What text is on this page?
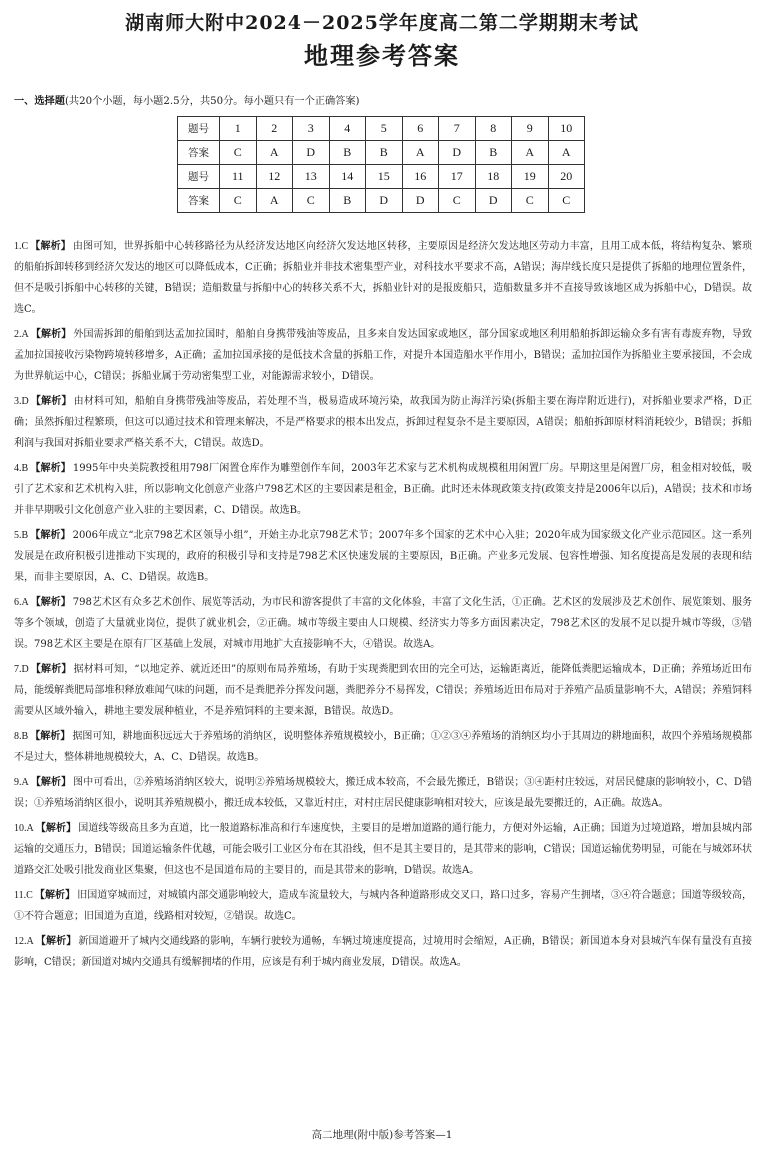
湖南师大附中2024－2025学年度高二第二学期期末考试
地理参考答案
一、选择题(共20个小题，每小题2.5分，共50分。每小题只有一个正确答案)
题号	1	2	3	4	5	6	7	8	9	10
答案	C	A	D	B	B	A	D	B	A	A
题号	11	12	13	14	15	16	17	18	19	20
答案	C	A	C	B	D	D	C	D	C	C

1.C 【解析】 由图可知，世界拆船中心转移路径为从经济发达地区向经济欠发达地区转移，主要原因是经济欠发达地区劳动力丰富，且用工成本低，将结构复杂、繁琐的船舶拆卸转移到经济欠发达的地区可以降低成本，C正确；拆船业并非技术密集型产业，对科技水平要求不高，A错误；海岸线长度只是提供了拆船的地理位置条件，但不是吸引拆船中心转移的关键，B错误；造船数量与拆船中心的转移关系不大，拆船业针对的是报废船只，造船数量多并不直接导致该地区成为拆船中心，D错误。故选C。

2.A 【解析】 外国需拆卸的船舶到达孟加拉国时，船舶自身携带残油等废品，且多来自发达国家或地区，部分国家或地区利用船舶拆卸运输众多有害有毒废弃物，导致孟加拉国接收污染物跨境转移增多，A正确；孟加拉国承接的是低技术含量的拆船工作，对提升本国造船水平作用小，B错误；孟加拉国作为拆船业主要承接国，不会成为世界航运中心，C错误；拆船业属于劳动密集型工业，对能源需求较小，D错误。

3.D 【解析】 由材料可知，船舶自身携带残油等废品，若处理不当，极易造成环境污染，故我国为防止海洋污染(拆船主要在海岸附近进行)，对拆船业要求严格，D正确；虽然拆船过程繁琐，但这可以通过技术和管理来解决，不是严格要求的根本出发点，拆卸过程复杂不是主要原因，A错误；船舶拆卸原材料消耗较少，B错误；拆船利润与我国对拆船业要求严格关系不大，C错误。故选D。

4.B 【解析】 1995年中央美院教授租用798厂闲置仓库作为雕塑创作车间，2003年艺术家与艺术机构成规模租用闲置厂房。早期这里是闲置厂房，租金相对较低，吸引了艺术家和艺术机构入驻，所以影响文化创意产业落户798艺术区的主要因素是租金，B正确。此时还未体现政策支持(政策支持是2006年以后)，A错误；技术和市场并非早期吸引文化创意产业入驻的主要因素，C、D错误。故选B。

5.B 【解析】 2006年成立“北京798艺术区领导小组”，开始主办北京798艺术节；2007年多个国家的艺术中心入驻；2020年成为国家级文化产业示范园区。这一系列发展是在政府积极引进推动下实现的，政府的积极引导和支持是798艺术区快速发展的主要原因，B正确。产业多元发展、包容性增强、知名度提高是发展的表现和结果，而非主要原因，A、C、D错误。故选B。

6.A 【解析】 798艺术区有众多艺术创作、展览等活动，为市民和游客提供了丰富的文化体验，丰富了文化生活，①正确。艺术区的发展涉及艺术创作、展览策划、服务等多个领域，创造了大量就业岗位，提供了就业机会，②正确。城市等级主要由人口规模、经济实力等多方面因素决定，798艺术区的发展不足以提升城市等级，③错误。798艺术区主要是在原有厂区基础上发展，对城市用地扩大直接影响不大，④错误。故选A。

7.D 【解析】 据材料可知，“以地定养、就近还田”的原则布局养殖场，有助于实现粪肥到农田的完全可达，运输距离近，能降低粪肥运输成本，D正确；养殖场近田布局，能缓解粪肥局部堆积释放难闻气味的问题，而不是粪肥养分挥发问题，粪肥养分不易挥发，C错误；养殖场近田布局对于养殖产品质量影响不大，A错误；养殖饲料需要从区域外输入，耕地主要发展种植业，不是养殖饲料的主要来源，B错误。故选D。

8.B 【解析】 据图可知，耕地面积远远大于养殖场的消纳区，说明整体养殖规模较小，B正确；①②③④养殖场的消纳区均小于其周边的耕地面积，故四个养殖场规模都不是过大，整体耕地规模较大，A、C、D错误。故选B。

9.A 【解析】 图中可看出，②养殖场消纳区较大，说明②养殖场规模较大，搬迁成本较高，不会最先搬迁，B错误；③④距村庄较远，对居民健康的影响较小，C、D错误；①养殖场消纳区很小，说明其养殖规模小，搬迁成本较低，又靠近村庄，对村庄居民健康影响相对较大，应该是最先要搬迁的，A正确。故选A。

10.A 【解析】 国道线等级高且多为直道，比一般道路标准高和行车速度快，主要目的是增加道路的通行能力，方便对外运输，A正确；国道为过境道路，增加县城内部运输的交通压力，B错误；国道运输条件优越，可能会吸引工业区分布在其沿线，但不是其主要目的，是其带来的影响，C错误；国道运输优势明显，可能在与城郊环状道路交汇处吸引批发商业区集聚，但这也不是国道布局的主要目的，而是其带来的影响，D错误。故选A。

11.C 【解析】 旧国道穿城而过，对城镇内部交通影响较大，造成车流量较大，与城内各种道路形成交叉口，路口过多，容易产生拥堵，③④符合题意；国道等级较高，①不符合题意；旧国道为直道，线路相对较短，②错误。故选C。

12.A 【解析】 新国道避开了城内交通线路的影响，车辆行驶较为通畅，车辆过境速度提高，过境用时会缩短，A正确，B错误；新国道本身对县城汽车保有量没有直接影响，C错误；新国道对城内交通具有缓解拥堵的作用，应该是有利于城内商业发展，D错误。故选A。

高二地理(附中版)参考答案—1
